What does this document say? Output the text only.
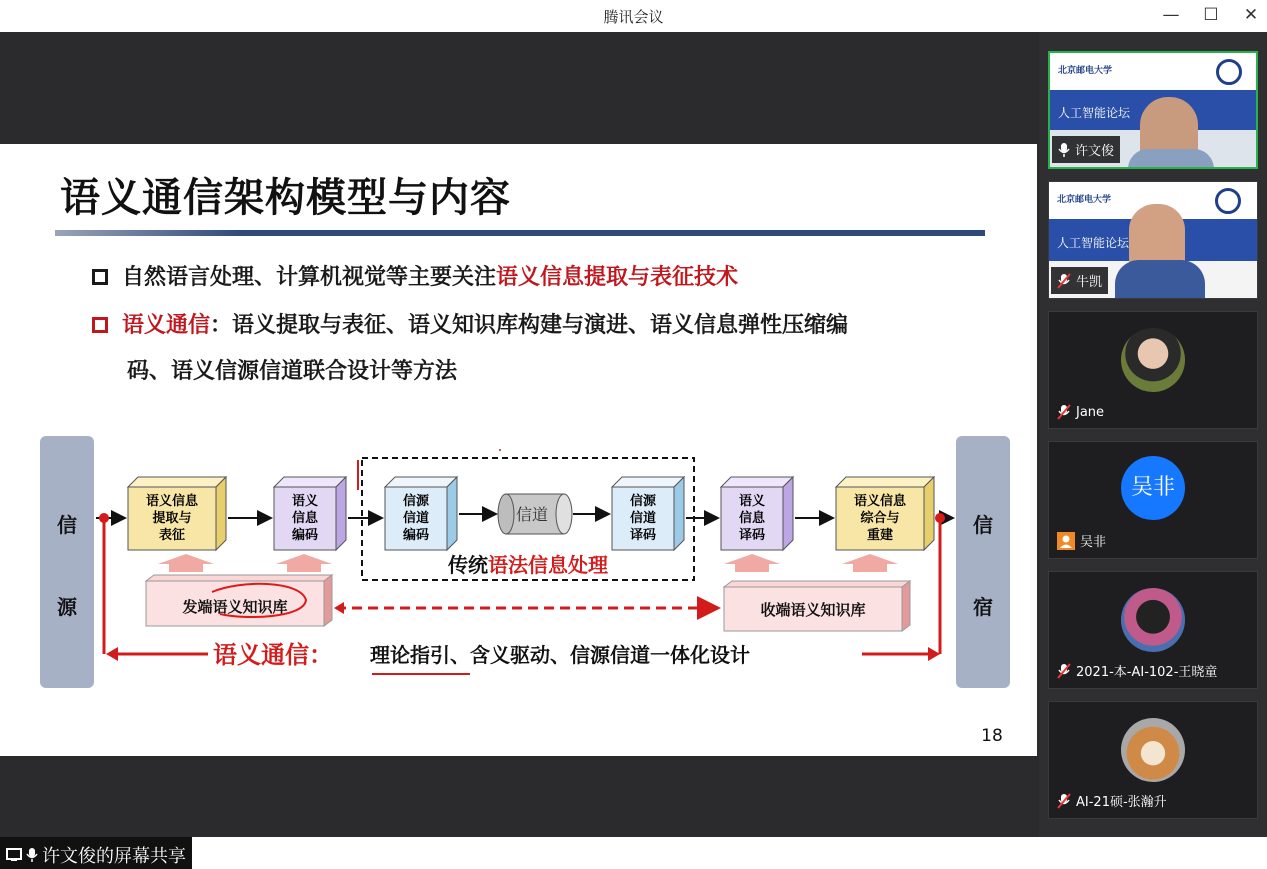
腾讯会议	—	☐	✕
语义通信架构模型与内容
自然语言处理、计算机视觉等主要关注语义信息提取与表征技术
语义通信：语义提取与表征、语义知识库构建与演进、语义信息弹性压缩编
码、语义信源信道联合设计等方法
信
源
信
宿
传统语法信息处理
语义信息
提取与
表征
语义
信息
编码
信源
信道
编码
信道
信源
信道
译码
语义
信息
译码
语义信息
综合与
重建
发端语义知识库	收端语义知识库
语义通信： 理论指引、含义驱动、信源信道一体化设计
18
许文俊的屏幕共享
北京邮电大学
人工智能论坛
许文俊
北京邮电大学
人工智能论坛
牛凯
Jane
吴非
吴非
2021-本-AI-102-王晓童
AI-21硕-张瀚升
